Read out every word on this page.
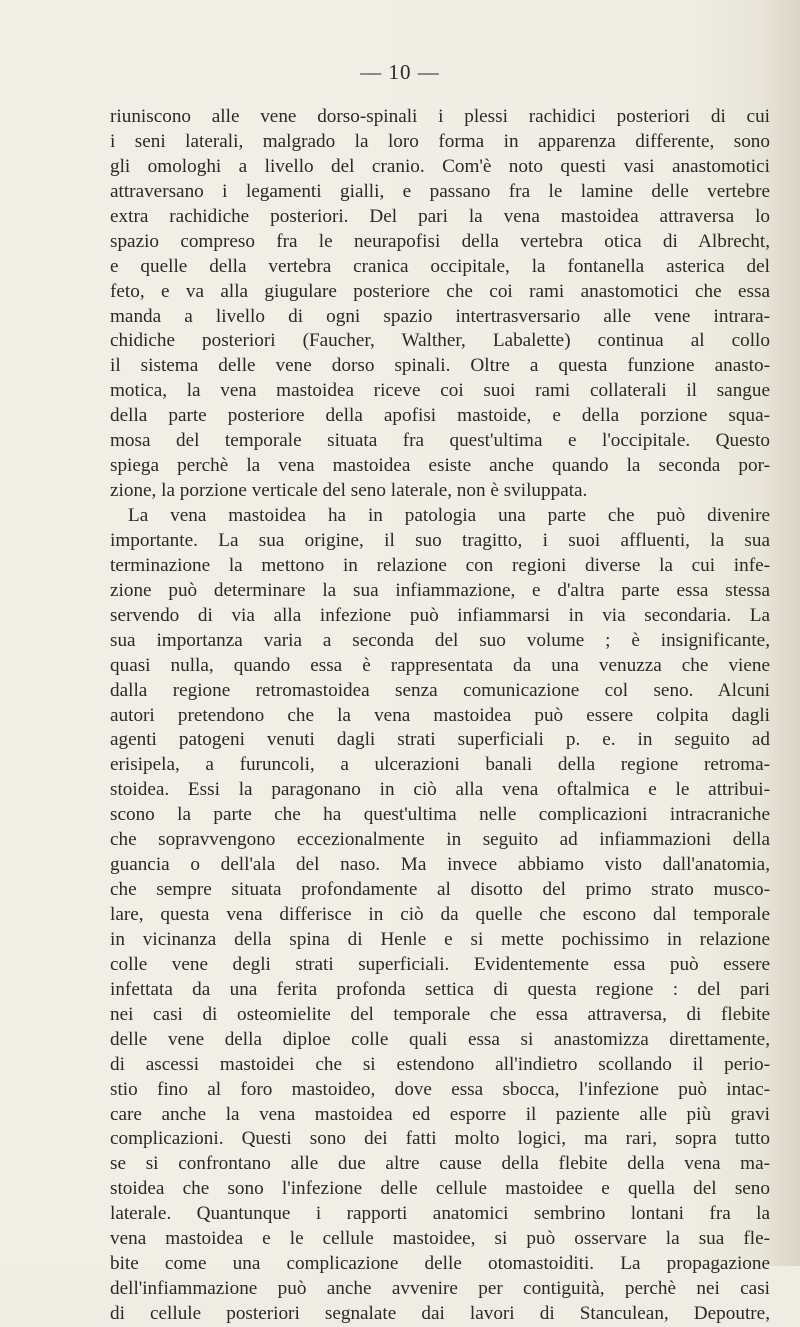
— 10 —
riuniscono alle vene dorso-spinali i plessi rachidici posteriori di cui
i seni laterali, malgrado la loro forma in apparenza differente, sono
gli omologhi a livello del cranio. Com'è noto questi vasi anastomotici
attraversano i legamenti gialli, e passano fra le lamine delle vertebre
extra rachidiche posteriori. Del pari la vena mastoidea attraversa lo
spazio compreso fra le neurapofisi della vertebra otica di Albrecht,
e quelle della vertebra cranica occipitale, la fontanella asterica del
feto, e va alla giugulare posteriore che coi rami anastomotici che essa
manda a livello di ogni spazio intertrasversario alle vene intrara-
chidiche posteriori (Faucher, Walther, Labalette) continua al collo
il sistema delle vene dorso spinali. Oltre a questa funzione anasto-
motica, la vena mastoidea riceve coi suoi rami collaterali il sangue
della parte posteriore della apofisi mastoide, e della porzione squa-
mosa del temporale situata fra quest'ultima e l'occipitale. Questo
spiega perchè la vena mastoidea esiste anche quando la seconda por-
zione, la porzione verticale del seno laterale, non è sviluppata.
La vena mastoidea ha in patologia una parte che può divenire
importante. La sua origine, il suo tragitto, i suoi affluenti, la sua
terminazione la mettono in relazione con regioni diverse la cui infe-
zione può determinare la sua infiammazione, e d'altra parte essa stessa
servendo di via alla infezione può infiammarsi in via secondaria. La
sua importanza varia a seconda del suo volume ; è insignificante,
quasi nulla, quando essa è rappresentata da una venuzza che viene
dalla regione retromastoidea senza comunicazione col seno. Alcuni
autori pretendono che la vena mastoidea può essere colpita dagli
agenti patogeni venuti dagli strati superficiali p. e. in seguito ad
erisipela, a furuncoli, a ulcerazioni banali della regione retroma-
stoidea. Essi la paragonano in ciò alla vena oftalmica e le attribui-
scono la parte che ha quest'ultima nelle complicazioni intracraniche
che sopravvengono eccezionalmente in seguito ad infiammazioni della
guancia o dell'ala del naso. Ma invece abbiamo visto dall'anatomia,
che sempre situata profondamente al disotto del primo strato musco-
lare, questa vena differisce in ciò da quelle che escono dal temporale
in vicinanza della spina di Henle e si mette pochissimo in relazione
colle vene degli strati superficiali. Evidentemente essa può essere
infettata da una ferita profonda settica di questa regione : del pari
nei casi di osteomielite del temporale che essa attraversa, di flebite
delle vene della diploe colle quali essa si anastomizza direttamente,
di ascessi mastoidei che si estendono all'indietro scollando il perio-
stio fino al foro mastoideo, dove essa sbocca, l'infezione può intac-
care anche la vena mastoidea ed esporre il paziente alle più gravi
complicazioni. Questi sono dei fatti molto logici, ma rari, sopra tutto
se si confrontano alle due altre cause della flebite della vena ma-
stoidea che sono l'infezione delle cellule mastoidee e quella del seno
laterale. Quantunque i rapporti anatomici sembrino lontani fra la
vena mastoidea e le cellule mastoidee, si può osservare la sua fle-
bite come una complicazione delle otomastoiditi. La propagazione
dell'infiammazione può anche avvenire per contiguità, perchè nei casi
di cellule posteriori segnalate dai lavori di Stanculean, Depoutre,
